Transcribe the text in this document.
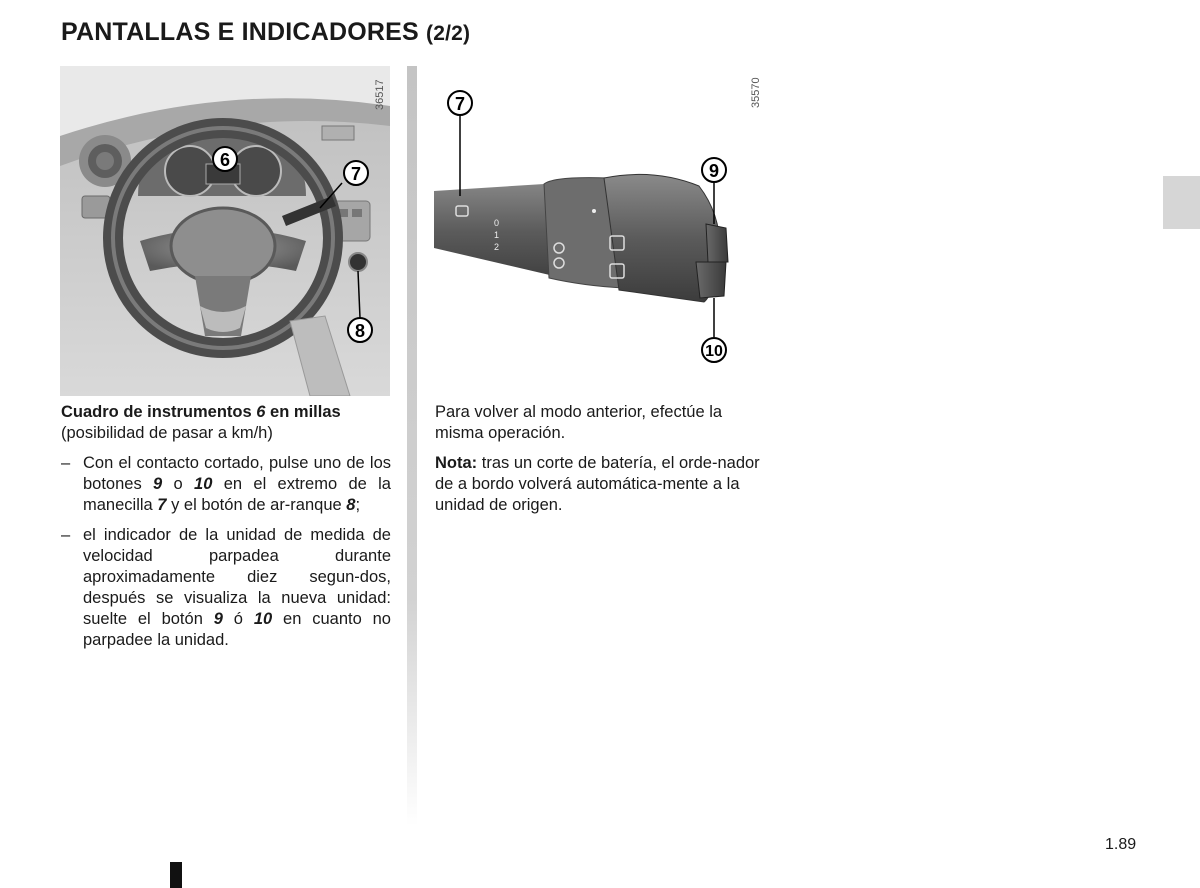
PANTALLAS E INDICADORES (2/2)
6
7
8
36517
0
1
2
7
9
10
35570

Cuadro de instrumentos 6 en millas
(posibilidad de pasar a km/h)

– Con el contacto cortado, pulse uno de los botones 9 o 10 en el extremo de la manecilla 7 y el botón de ar-ranque 8;

– el indicador de la unidad de medida de velocidad parpadea durante aproximadamente diez segun-dos, después se visualiza la nueva unidad: suelte el botón 9 ó 10 en cuanto no parpadee la unidad.

Para volver al modo anterior, efectúe la misma operación.

Nota: tras un corte de batería, el orde-nador de a bordo volverá automática-mente a la unidad de origen.

1.89
